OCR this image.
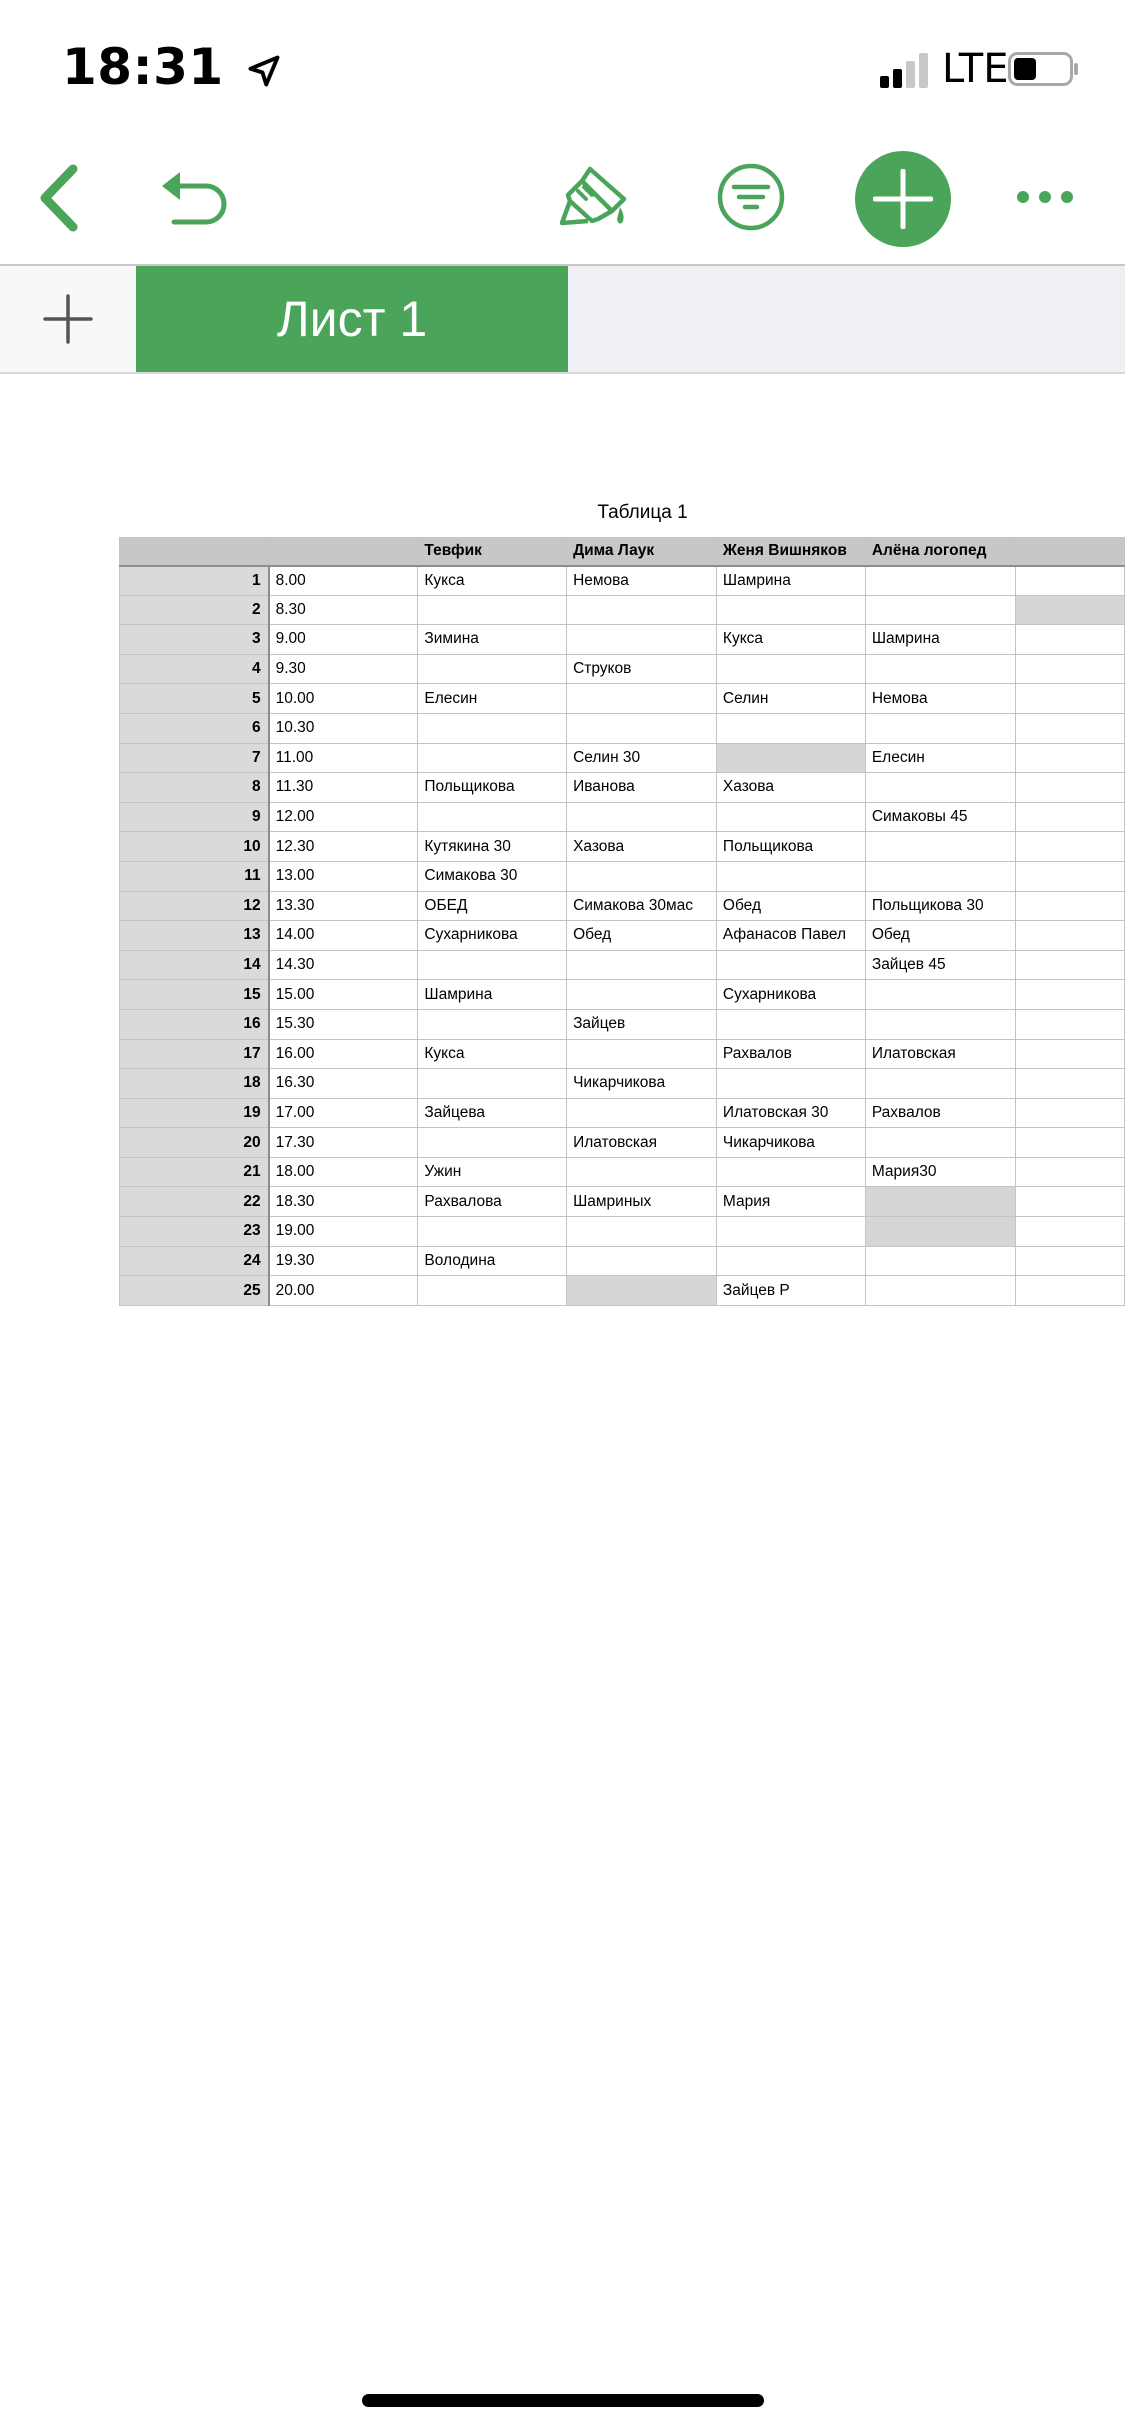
18:31	LTE
Лист 1
Таблица 1
		Тевфик	Дима Лаук	Женя Вишняков	Алёна логопед	
1	8.00	Кукса	Немова	Шамрина		
2	8.30					
3	9.00	Зимина		Кукса	Шамрина	
4	9.30		Струков			
5	10.00	Елесин		Селин	Немова	
6	10.30					
7	11.00		Селин 30		Елесин	
8	11.30	Польщикова	Иванова	Хазова		
9	12.00				Симаковы 45	
10	12.30	Кутякина 30	Хазова	Польщикова		
11	13.00	Симакова 30				
12	13.30	ОБЕД	Симакова 30мас	Обед	Польщикова 30	
13	14.00	Сухарникова	Обед	Афанасов Павел	Обед	
14	14.30				Зайцев 45	
15	15.00	Шамрина		Сухарникова		
16	15.30		Зайцев			
17	16.00	Кукса		Рахвалов	Илатовская	
18	16.30		Чикарчикова			
19	17.00	Зайцева		Илатовская 30	Рахвалов	
20	17.30		Илатовская	Чикарчикова		
21	18.00	Ужин			Мария30	
22	18.30	Рахвалова	Шамриных	Мария		
23	19.00					
24	19.30	Володина				
25	20.00			Зайцев Р		
